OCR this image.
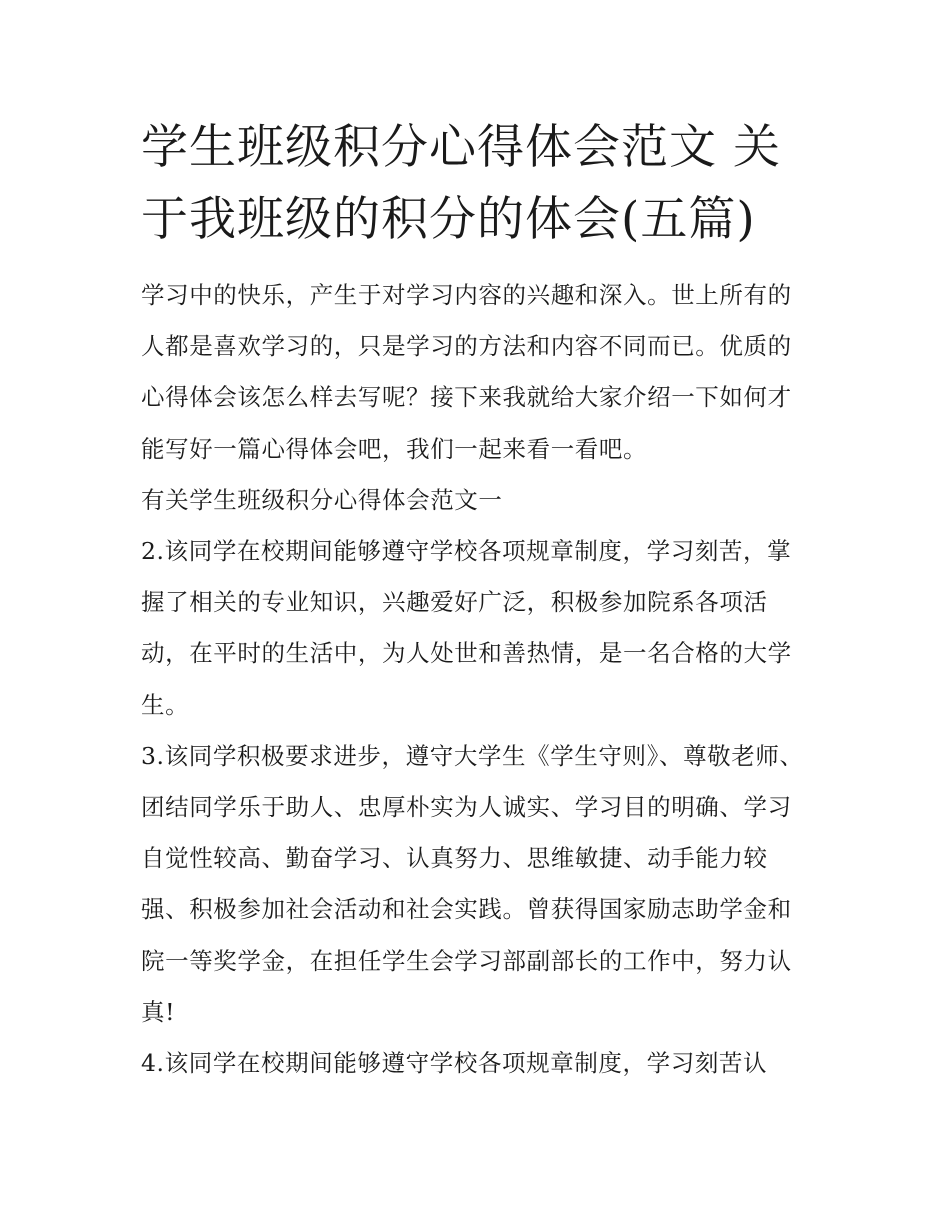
学生班级积分心得体会范文 关于我班级的积分的体会(五篇)

学习中的快乐，产生于对学习内容的兴趣和深入。世上所有的人都是喜欢学习的，只是学习的方法和内容不同而已。优质的心得体会该怎么样去写呢？接下来我就给大家介绍一下如何才能写好一篇心得体会吧，我们一起来看一看吧。

有关学生班级积分心得体会范文一

2.该同学在校期间能够遵守学校各项规章制度，学习刻苦，掌握了相关的专业知识，兴趣爱好广泛，积极参加院系各项活动，在平时的生活中，为人处世和善热情，是一名合格的大学生。

3.该同学积极要求进步，遵守大学生《学生守则》、尊敬老师、团结同学乐于助人、忠厚朴实为人诚实、学习目的明确、学习自觉性较高、勤奋学习、认真努力、思维敏捷、动手能力较强、积极参加社会活动和社会实践。曾获得国家励志助学金和院一等奖学金，在担任学生会学习部副部长的工作中，努力认真!

4.该同学在校期间能够遵守学校各项规章制度，学习刻苦认
